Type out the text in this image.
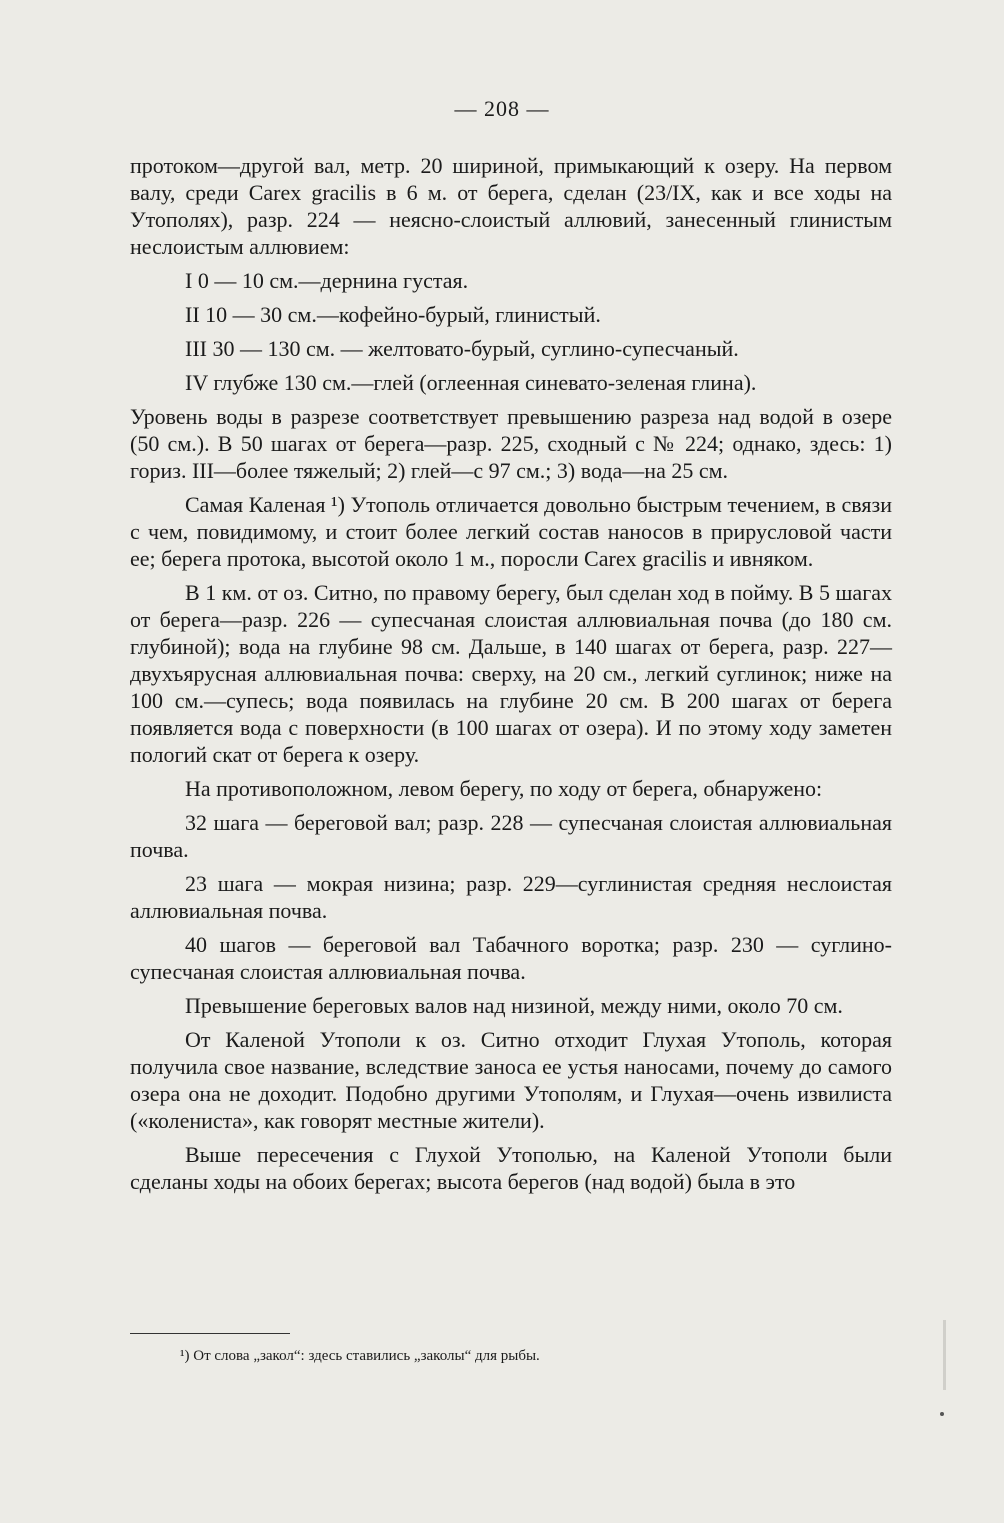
— 208 —

протоком—другой вал, метр. 20 шириной, примыкающий к озеру. На первом валу, среди Carex gracilis в 6 м. от берега, сделан (23/IX, как и все ходы на Утополях), разр. 224 — неясно-слоистый аллювий, занесенный глинистым неслоистым аллювием:

I 0 — 10 см.—дернина густая.

II 10 — 30 см.—кофейно-бурый, глинистый.

III 30 — 130 см. — желтовато-бурый, суглино-супесчаный.

IV глубже 130 см.—глей (оглеенная синевато-зеленая глина).

Уровень воды в разрезе соответствует превышению разреза над водой в озере (50 см.). В 50 шагах от берега—разр. 225, сходный с № 224; однако, здесь: 1) гориз. III—более тяжелый; 2) глей—с 97 см.; 3) вода—на 25 см.

Самая Каленая ¹) Утополь отличается довольно быстрым течением, в связи с чем, повидимому, и стоит более легкий состав наносов в прирусловой части ее; берега протока, высотой около 1 м., поросли Carex gracilis и ивняком.

В 1 км. от оз. Ситно, по правому берегу, был сделан ход в пойму. В 5 шагах от берега—разр. 226 — супесчаная слоистая аллювиальная почва (до 180 см. глубиной); вода на глубине 98 см. Дальше, в 140 шагах от берега, разр. 227—двухъярусная аллювиальная почва: сверху, на 20 см., легкий суглинок; ниже на 100 см.—супесь; вода появилась на глубине 20 см. В 200 шагах от берега появляется вода с поверхности (в 100 шагах от озера). И по этому ходу заметен пологий скат от берега к озеру.

На противоположном, левом берегу, по ходу от берега, обнаружено:

32 шага — береговой вал; разр. 228 — супесчаная слоистая аллювиальная почва.

23 шага — мокрая низина; разр. 229—суглинистая средняя неслоистая аллювиальная почва.

40 шагов — береговой вал Табачного воротка; разр. 230 — суглино-супесчаная слоистая аллювиальная почва.

Превышение береговых валов над низиной, между ними, около 70 см.

От Каленой Утополи к оз. Ситно отходит Глухая Утополь, которая получила свое название, вследствие заноса ее устья наносами, почему до самого озера она не доходит. Подобно другими Утополям, и Глухая—очень извилиста («коленистa», как говорят местные жители).

Выше пересечения с Глухой Утополью, на Каленой Утополи были сделаны ходы на обоих берегах; высота берегов (над водой) была в это

¹) От слова „закол“: здесь ставились „заколы“ для рыбы.
